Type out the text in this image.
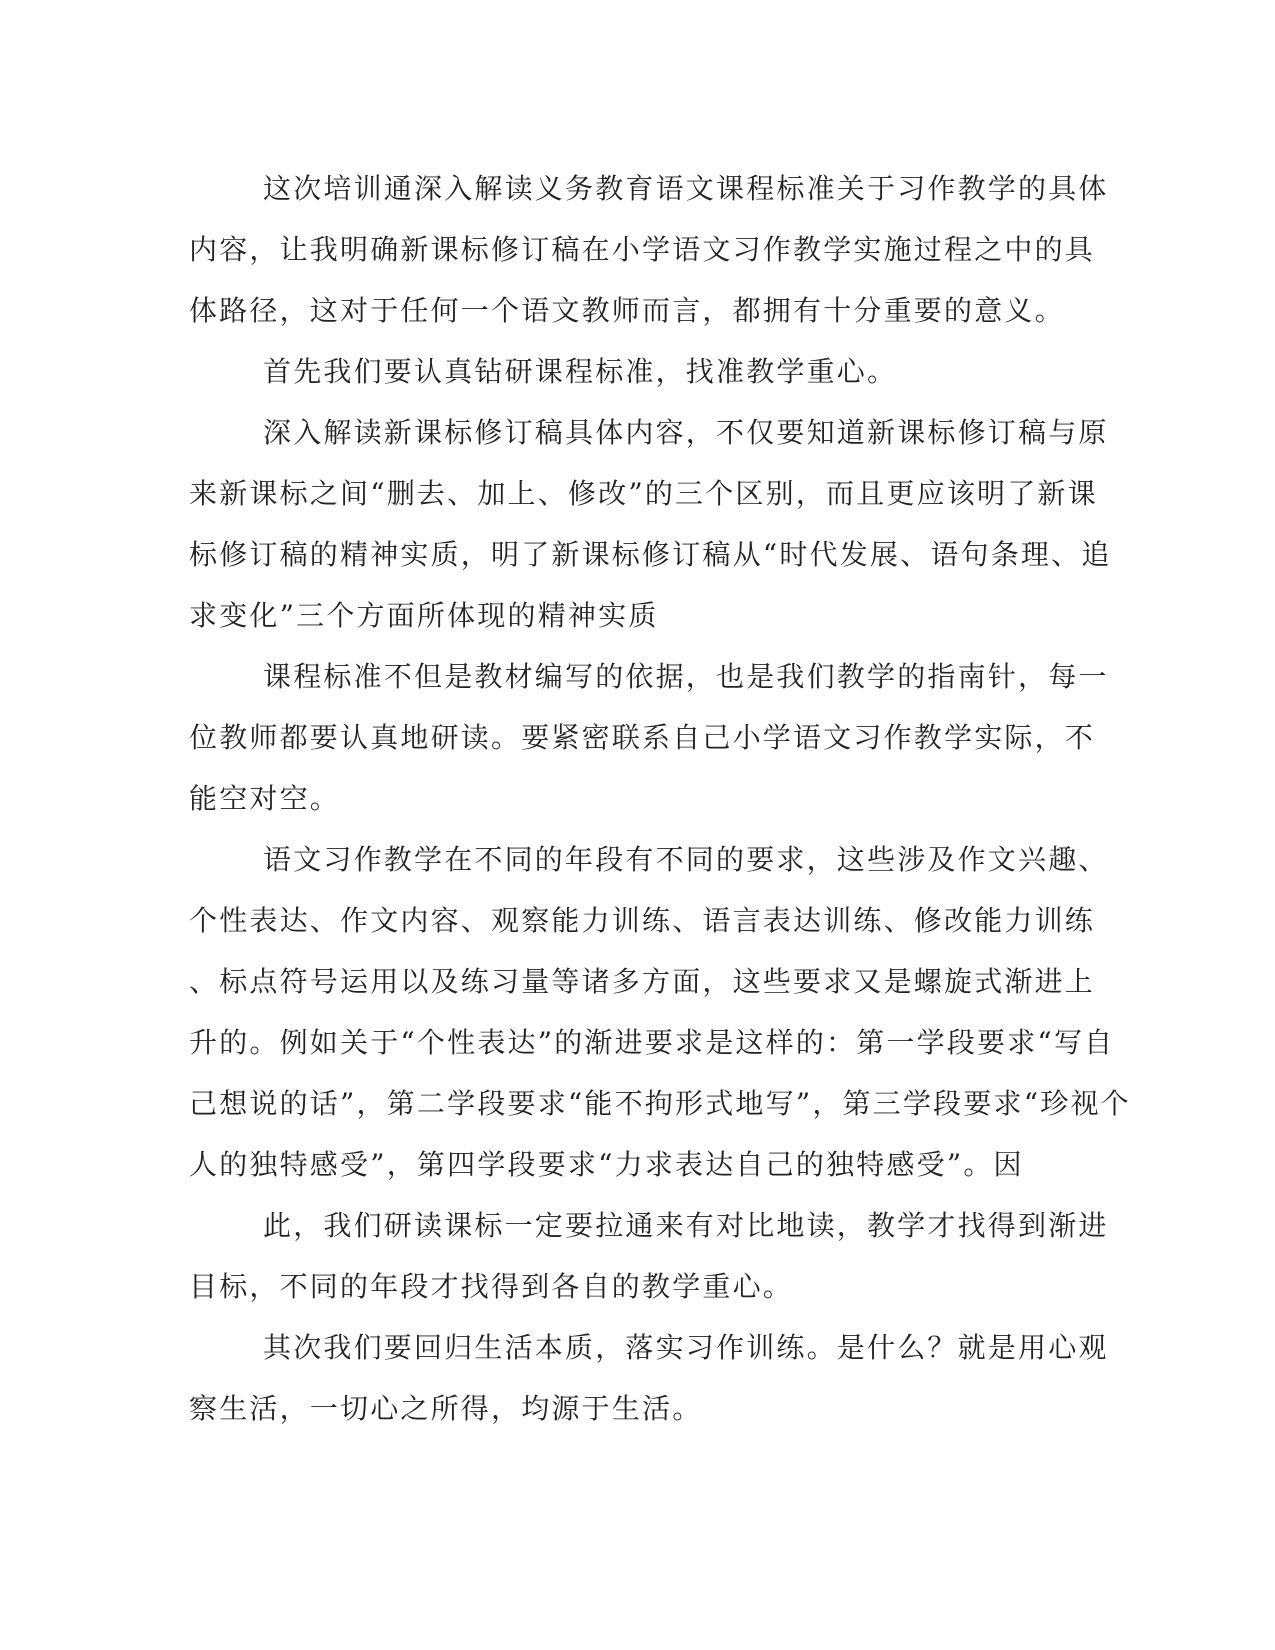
这次培训通深入解读义务教育语文课程标准关于习作教学的具体
内容，让我明确新课标修订稿在小学语文习作教学实施过程之中的具
体路径，这对于任何一个语文教师而言，都拥有十分重要的意义。
首先我们要认真钻研课程标准，找准教学重心。
深入解读新课标修订稿具体内容，不仅要知道新课标修订稿与原
来新课标之间“删去、加上、修改”的三个区别，而且更应该明了新课
标修订稿的精神实质，明了新课标修订稿从“时代发展、语句条理、追
求变化”三个方面所体现的精神实质
课程标准不但是教材编写的依据，也是我们教学的指南针，每一
位教师都要认真地研读。要紧密联系自己小学语文习作教学实际，不
能空对空。
语文习作教学在不同的年段有不同的要求，这些涉及作文兴趣、
个性表达、作文内容、观察能力训练、语言表达训练、修改能力训练
、标点符号运用以及练习量等诸多方面，这些要求又是螺旋式渐进上
升的。例如关于“个性表达”的渐进要求是这样的：第一学段要求“写自
己想说的话”，第二学段要求“能不拘形式地写”，第三学段要求“珍视个
人的独特感受”，第四学段要求“力求表达自己的独特感受”。因
此，我们研读课标一定要拉通来有对比地读，教学才找得到渐进
目标，不同的年段才找得到各自的教学重心。
其次我们要回归生活本质，落实习作训练。是什么？就是用心观
察生活，一切心之所得，均源于生活。
